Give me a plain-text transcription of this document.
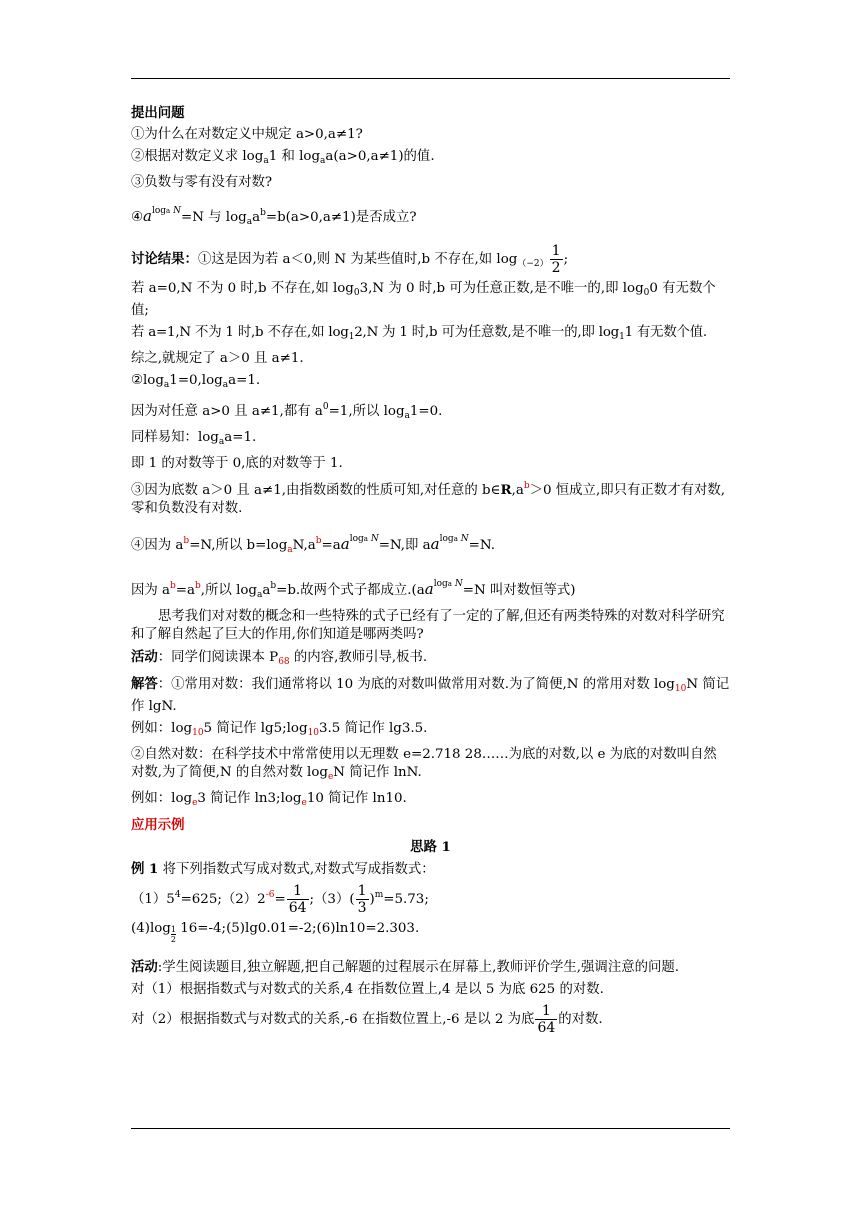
提出问题

①为什么在对数定义中规定 a>0,a≠1?

②根据对数定义求 $\log_a1$ 和 $\log_aa(a>0,a\ne 1)$的值.

③负数与零有没有对数?

$④a^{loga N}=N$ 与 $\log_aa^b=b(a>0,a\ne 1)$是否成立?

讨论结果：①这是因为若 a＜0,则 N 为某些值时,b 不存在,如 $\log_{(-2)} \frac{1}{2}$ ;

若 a=0,N 不为 0 时,b 不存在,如 $\log_03,N$ 为 0 时,b 可为任意正数,是不唯一的,即 $\log_00$ 有无数个值;

若 a=1,N 不为 1 时,b 不存在,如 $\log_12,N$ 为 1 时,b 可为任意数,是不唯一的,即 $\log_11$ 有无数个值.

综之,就规定了 a＞0 且 a≠1.

$②\log_a1=0,\log_aa=1$.

因为对任意 a>0 且 a≠1,都有 $a^0=1$,所以 $\log_a1=0$.

同样易知：$\log_aa=1$.

即 1 的对数等于 0,底的对数等于 1.

③因为底数 a＞0 且 a≠1,由指数函数的性质可知,对任意的 $b\in R,a^b>0$ 恒成立,即只有正数才有对数,零和负数没有对数.

④因为 $a^b=N$,所以 $b=\log_aN,a^b=aa^{loga N}=N$,即 $aa^{loga N}=N$.

因为 $a^b=a^b$,所以 $\log_aa^b=b$.故两个式子都成立$.(aa^{loga N}=N$ 叫对数恒等式)

思考我们对对数的概念和一些特殊的式子已经有了一定的了解,但还有两类特殊的对数对科学研究和了解自然起了巨大的作用,你们知道是哪两类吗?

活动：同学们阅读课本 $P_{68}$ 的内容,教师引导,板书.

解答：①常用对数：我们通常将以 10 为底的对数叫做常用对数.为了简便,N 的常用对数 $\log_{10}N$ 简记作 lgN.

例如：$\log_{10}5$ 简记作 $\lg 5;\log_{10}3.5$ 简记作 lg3.5.

②自然对数：在科学技术中常常使用以无理数 e=2.718 28……为底的对数,以 e 为底的对数叫自然对数,为了简便,N 的自然对数 $\log_eN$ 简记作 lnN.

例如：$\log_e3$ 简记作 $\ln 3;\log_e10$ 简记作 ln10.

应用示例

思路 1

例 1 将下列指数式写成对数式,对数式写成指数式：

$(1)5^4=625;(2)2^{-6}= \frac{1}{64}$ ;（3）( $\frac{1}{3} )^m=5.73$;

$(4)\log \frac{1}{2}$ 16=-4;(5)lg0.01=-2;(6)ln10=2.303.

活动:学生阅读题目,独立解题,把自己解题的过程展示在屏幕上,教师评价学生,强调注意的问题.

对（1）根据指数式与对数式的关系,4 在指数位置上,4 是以 5 为底 625 的对数.

对（2）根据指数式与对数式的关系,-6 在指数位置上,-6 是以 2 为底 $\frac{1}{64}$ 的对数.
